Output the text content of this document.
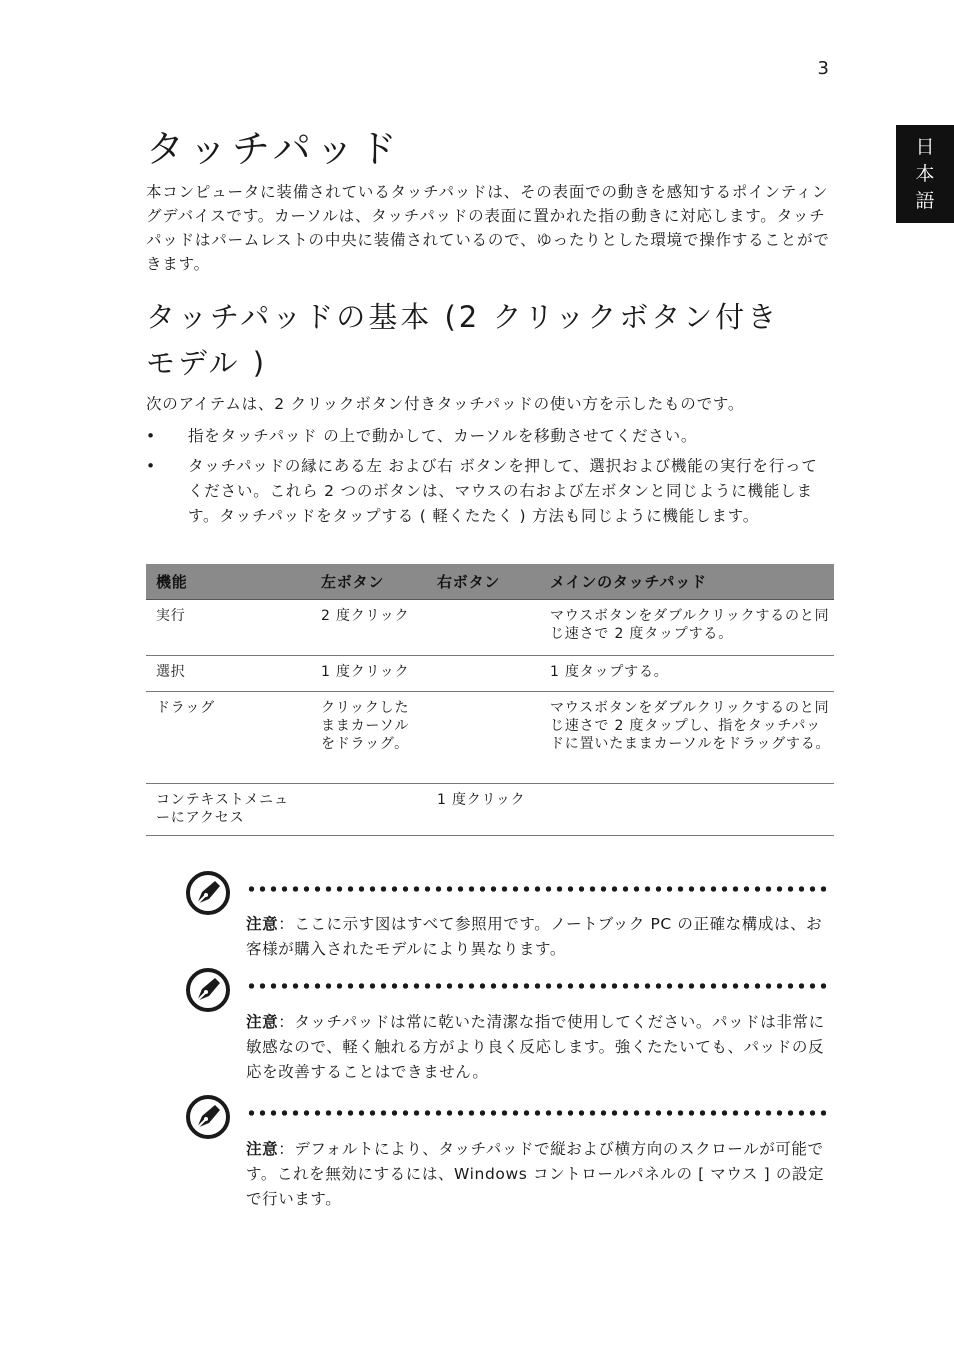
3
日
本
語
タッチパッド

本コンピュータに装備されているタッチパッドは、その表面での動きを感知するポインティングデバイスです。カーソルは、タッチパッドの表面に置かれた指の動きに対応します。タッチパッドはパームレストの中央に装備されているので、ゆったりとした環境で操作することができます。

タッチパッドの基本 (2 クリックボタン付きモデル )

次のアイテムは、2 クリックボタン付きタッチパッドの使い方を示したものです。

• 指をタッチパッド の上で動かして、カーソルを移動させてください。
• タッチパッドの縁にある左 および右 ボタンを押して、選択および機能の実行を行ってください。これら 2 つのボタンは、マウスの右および左ボタンと同じように機能します。タッチパッドをタップする ( 軽くたたく ) 方法も同じように機能します。
機能	左ボタン	右ボタン	メインのタッチパッド
実行	2 度クリック		マウスボタンをダブルクリックするのと同じ速さで 2 度タップする。
選択	1 度クリック		1 度タップする。
ドラッグ	クリックしたままカーソルをドラッグ。		マウスボタンをダブルクリックするのと同じ速さで 2 度タップし、指をタッチパッドに置いたままカーソルをドラッグする。
コンテキストメニューにアクセス		1 度クリック	

注意：ここに示す図はすべて参照用です。ノートブック PC の正確な構成は、お客様が購入されたモデルにより異なります。

注意：タッチパッドは常に乾いた清潔な指で使用してください。パッドは非常に敏感なので、軽く触れる方がより良く反応します。強くたたいても、パッドの反応を改善することはできません。

注意：デフォルトにより、タッチパッドで縦および横方向のスクロールが可能です。これを無効にするには、Windows コントロールパネルの [ マウス ] の設定で行います。
